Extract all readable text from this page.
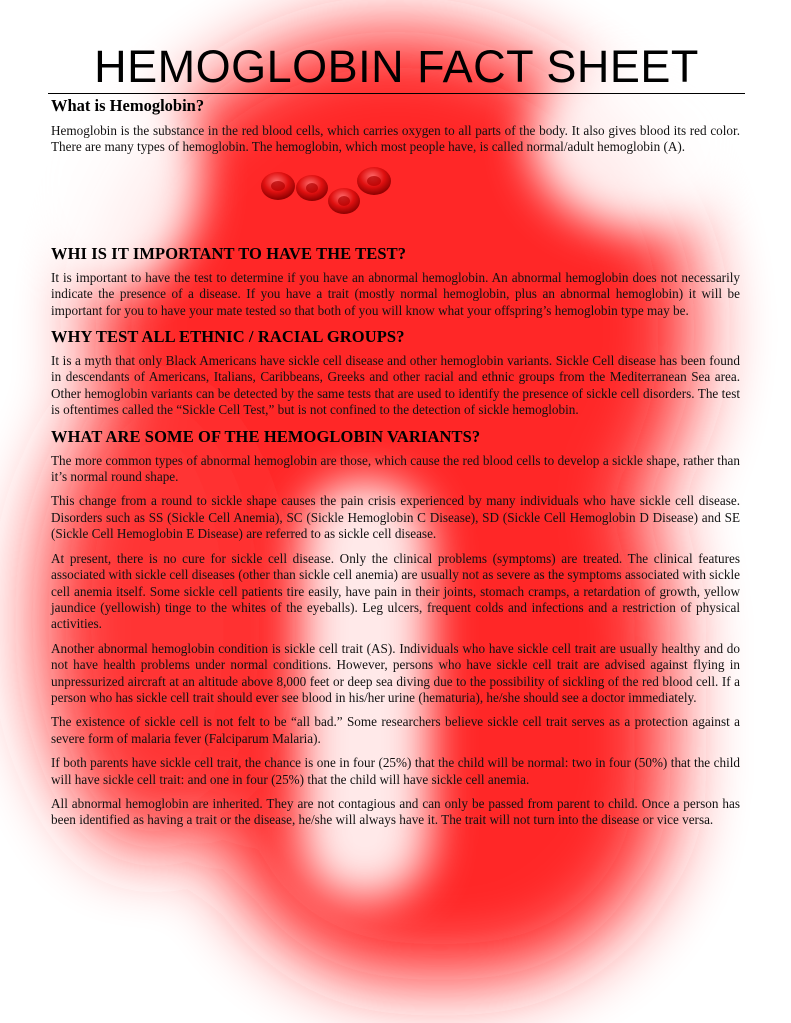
HEMOGLOBIN FACT SHEET
What is Hemoglobin?

Hemoglobin is the substance in the red blood cells, which carries oxygen to all parts of the body. It also gives blood its red color. There are many types of hemoglobin. The hemoglobin, which most people have, is called normal/adult hemoglobin (A).

WHI IS IT IMPORTANT TO HAVE THE TEST?

It is important to have the test to determine if you have an abnormal hemoglobin. An abnormal hemoglobin does not necessarily indicate the presence of a disease. If you have a trait (mostly normal hemoglobin, plus an abnormal hemoglobin) it will be important for you to have your mate tested so that both of you will know what your offspring’s hemoglobin type may be.

WHY TEST ALL ETHNIC / RACIAL GROUPS?

It is a myth that only Black Americans have sickle cell disease and other hemoglobin variants. Sickle Cell disease has been found in descendants of Americans, Italians, Caribbeans, Greeks and other racial and ethnic groups from the Mediterranean Sea area. Other hemoglobin variants can be detected by the same tests that are used to identify the presence of sickle cell disorders. The test is oftentimes called the “Sickle Cell Test,” but is not confined to the detection of sickle hemoglobin.

WHAT ARE SOME OF THE HEMOGLOBIN VARIANTS?

The more common types of abnormal hemoglobin are those, which cause the red blood cells to develop a sickle shape, rather than it’s normal round shape.

This change from a round to sickle shape causes the pain crisis experienced by many individuals who have sickle cell disease. Disorders such as SS (Sickle Cell Anemia), SC (Sickle Hemoglobin C Disease), SD (Sickle Cell Hemoglobin D Disease) and SE (Sickle Cell Hemoglobin E Disease) are referred to as sickle cell disease.

At present, there is no cure for sickle cell disease. Only the clinical problems (symptoms) are treated. The clinical features associated with sickle cell diseases (other than sickle cell anemia) are usually not as severe as the symptoms associated with sickle cell anemia itself. Some sickle cell patients tire easily, have pain in their joints, stomach cramps, a retardation of growth, yellow jaundice (yellowish) tinge to the whites of the eyeballs). Leg ulcers, frequent colds and infections and a restriction of physical activities.

Another abnormal hemoglobin condition is sickle cell trait (AS). Individuals who have sickle cell trait are usually healthy and do not have health problems under normal conditions. However, persons who have sickle cell trait are advised against flying in unpressurized aircraft at an altitude above 8,000 feet or deep sea diving due to the possibility of sickling of the red blood cell. If a person who has sickle cell trait should ever see blood in his/her urine (hematuria), he/she should see a doctor immediately.

The existence of sickle cell is not felt to be “all bad.” Some researchers believe sickle cell trait serves as a protection against a severe form of malaria fever (Falciparum Malaria).

If both parents have sickle cell trait, the chance is one in four (25%) that the child will be normal: two in four (50%) that the child will have sickle cell trait: and one in four (25%) that the child will have sickle cell anemia.

All abnormal hemoglobin are inherited. They are not contagious and can only be passed from parent to child. Once a person has been identified as having a trait or the disease, he/she will always have it. The trait will not turn into the disease or vice versa.
